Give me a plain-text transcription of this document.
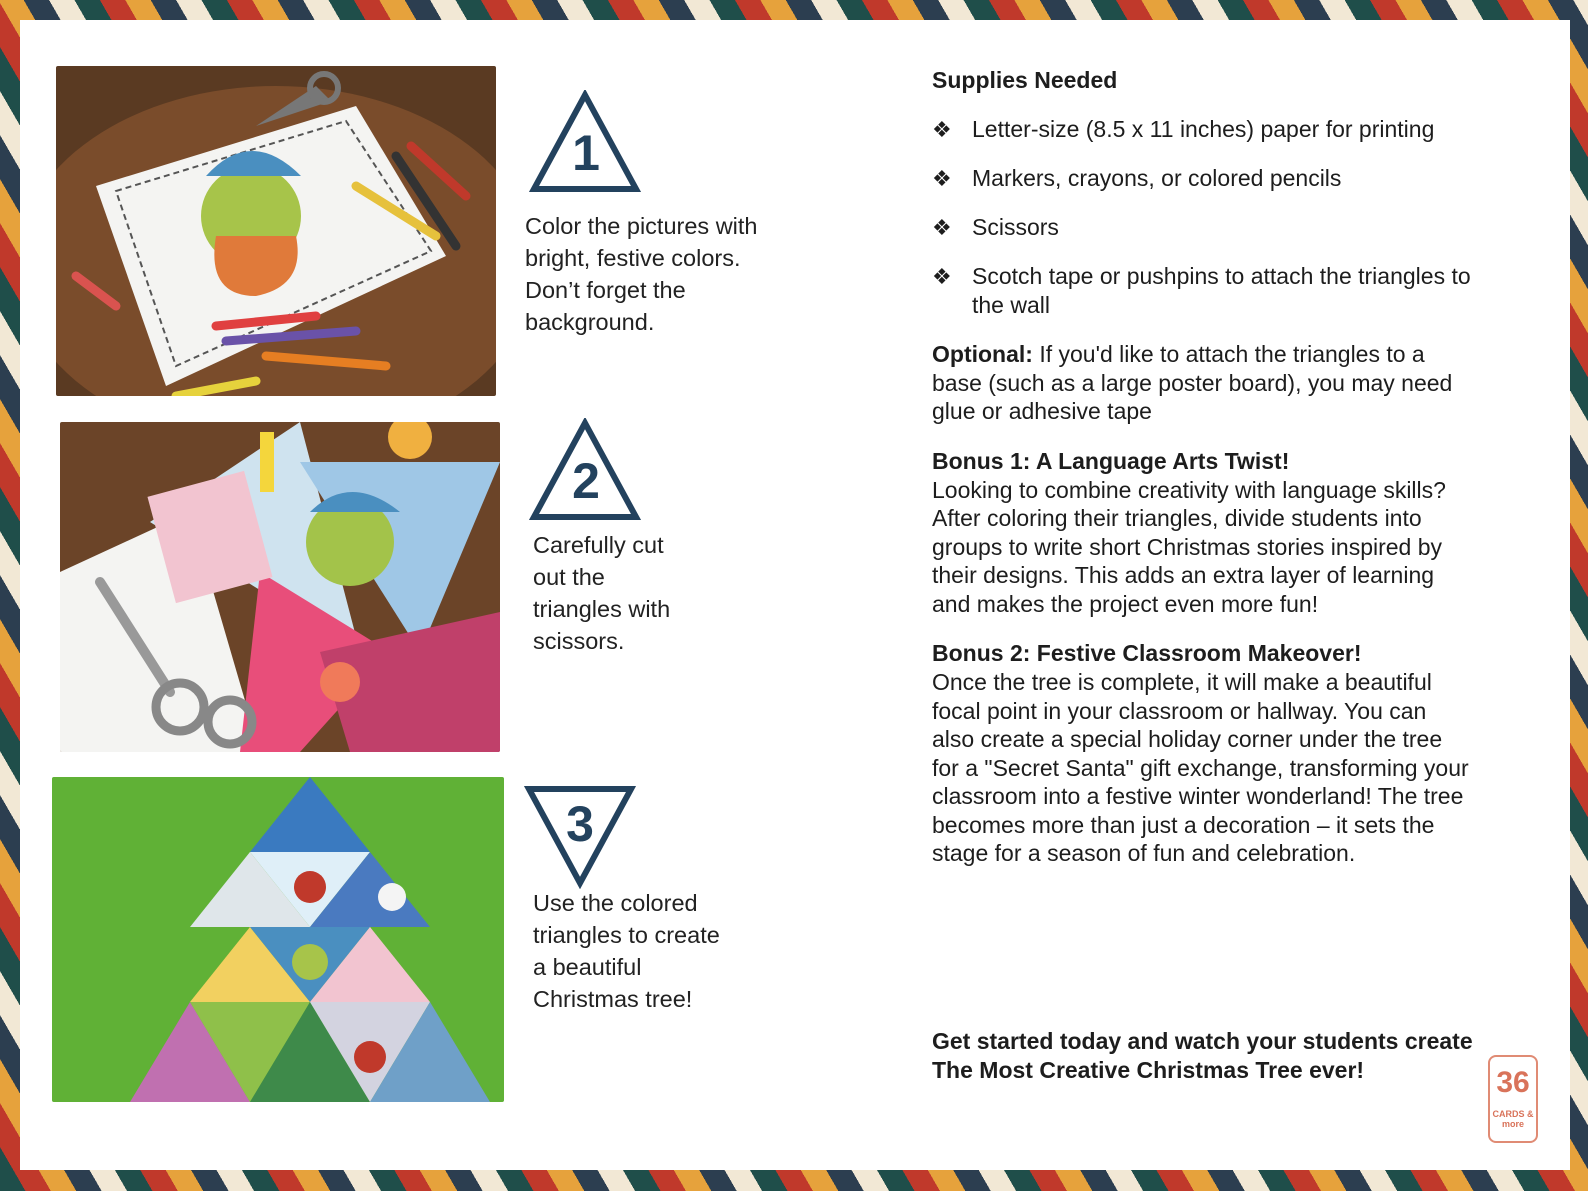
1
Color the pictures with
bright, festive colors.
Don’t forget the
background.
2
Carefully cut
out the
triangles with
scissors.
3
Use the colored
triangles to create
a beautiful
Christmas tree!
Supplies Needed
❖ Letter-size (8.5 x 11 inches) paper for printing
❖ Markers, crayons, or colored pencils
❖ Scissors
❖ Scotch tape or pushpins to attach the triangles to the wall
Optional: If you'd like to attach the triangles to a base (such as a large poster board), you may need glue or adhesive tape
Bonus 1: A Language Arts Twist!
Looking to combine creativity with language skills? After coloring their triangles, divide students into groups to write short Christmas stories inspired by their designs. This adds an extra layer of learning and makes the project even more fun!
Bonus 2: Festive Classroom Makeover!
Once the tree is complete, it will make a beautiful focal point in your classroom or hallway. You can also create a special holiday corner under the tree for a "Secret Santa" gift exchange, transforming your classroom into a festive winter wonderland! The tree becomes more than just a decoration – it sets the stage for a season of fun and celebration.
Get started today and watch your students create The Most Creative Christmas Tree ever!	36
CARDS & more
